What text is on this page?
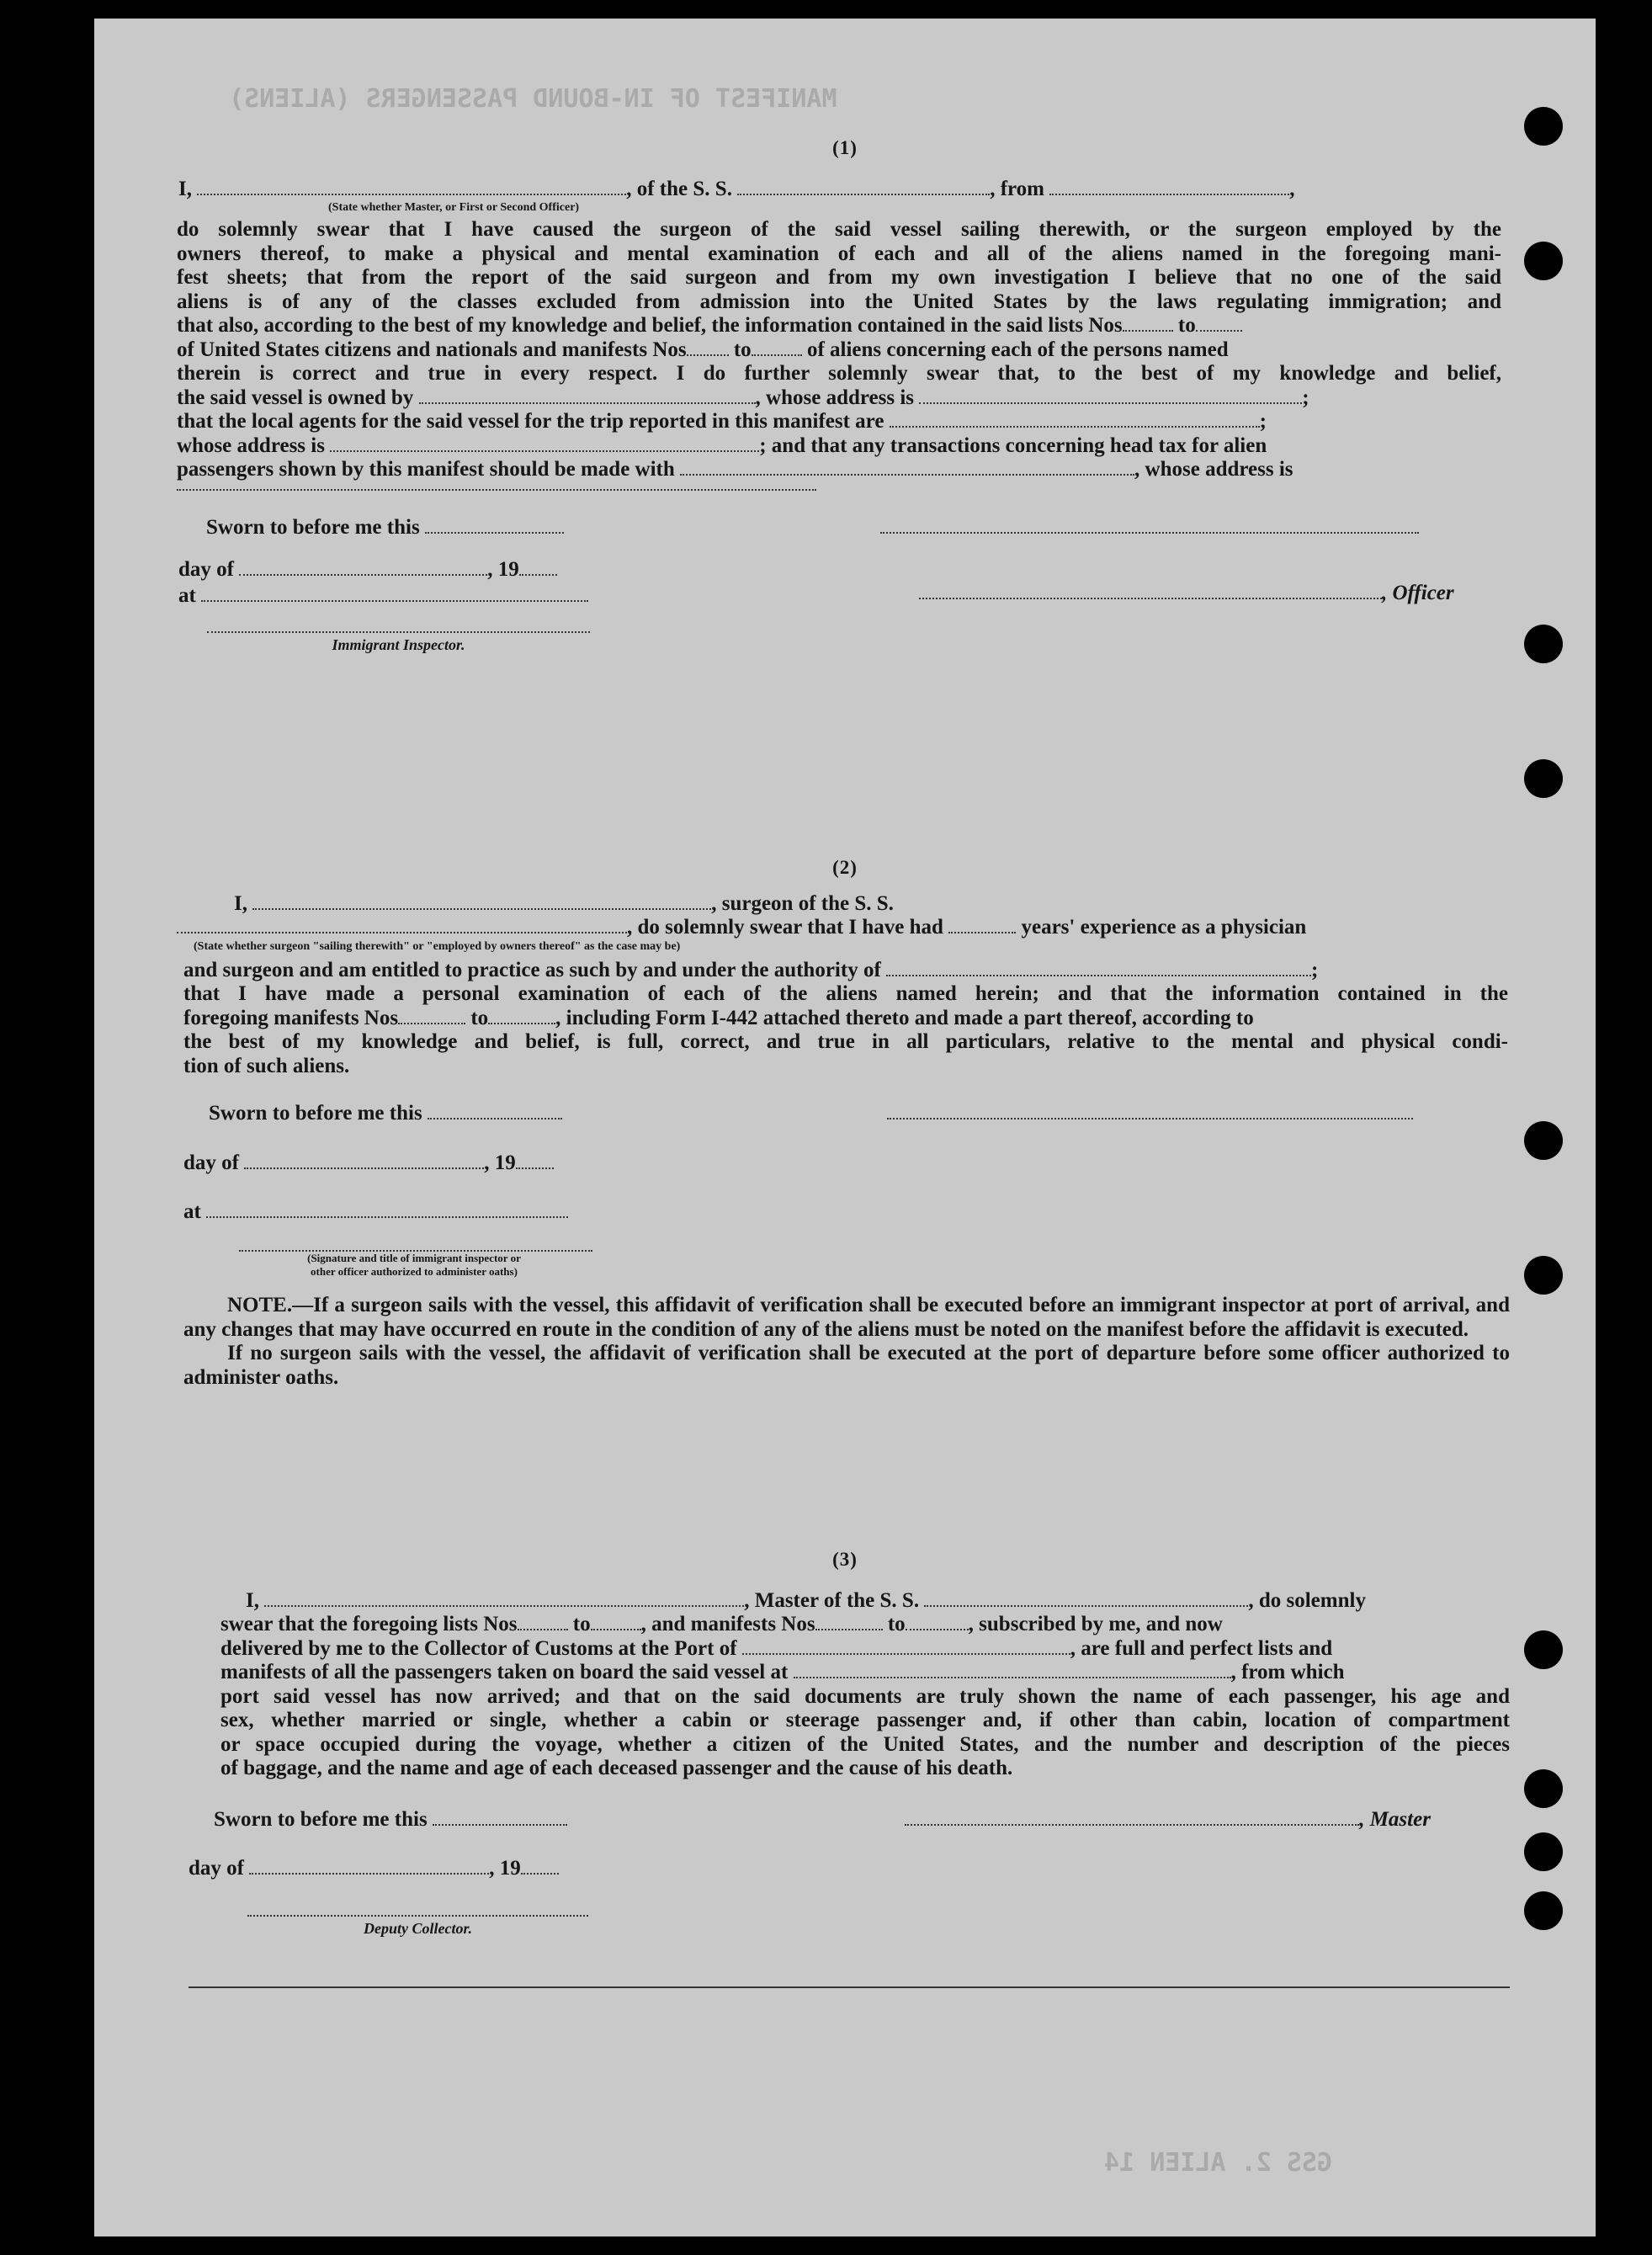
MANIFEST OF IN-BOUND PASSENGERS (ALIENS)
GSS 2. ALIEN 14
(1)
I,	, of the S. S.	, from	,
(State whether Master, or First or Second Officer)
do solemnly swear that I have caused the surgeon of the said vessel sailing therewith, or the surgeon employed by the
owners thereof, to make a physical and mental examination of each and all of the aliens named in the foregoing mani-
fest sheets; that from the report of the said surgeon and from my own investigation I believe that no one of the said
aliens is of any of the classes excluded from admission into the United States by the laws regulating immigration; and
that also, according to the best of my knowledge and belief, the information contained in the said lists Nos	to
of United States citizens and nationals and manifests Nos to	of aliens concerning each of the persons named
therein is correct and true in every respect. I do further solemnly swear that, to the best of my knowledge and belief,
the said vessel is owned by	, whose address is	;
that the local agents for the said vessel for the trip reported in this manifest are	;
whose address is	; and that any transactions concerning head tax for alien
passengers shown by this manifest should be made with	, whose address is
Sworn to before me this
day of	, 19
, Officer
at
Immigrant Inspector.
(2)
I,	, surgeon of the S. S.
, do solemnly swear that I have had	years' experience as a physician
(State whether surgeon "sailing therewith" or "employed by owners thereof" as the case may be)
and surgeon and am entitled to practice as such by and under the authority of	;
that I have made a personal examination of each of the aliens named herein; and that the information contained in the
foregoing manifests Nos	to	, including Form I-442 attached thereto and made a part thereof, according to
the best of my knowledge and belief, is full, correct, and true in all particulars, relative to the mental and physical condi-
tion of such aliens.
Sworn to before me this
day of	, 19
at
(Signature and title of immigrant inspector or other officer authorized to administer oaths)
NOTE.—If a surgeon sails with the vessel, this affidavit of verification shall be executed before an immigrant inspector at port of arrival, and any changes that may have occurred en route in the condition of any of the aliens must be noted on the manifest before the affidavit is executed.
If no surgeon sails with the vessel, the affidavit of verification shall be executed at the port of departure before some officer authorized to administer oaths.
(3)
I,	, Master of the S. S.	, do solemnly
swear that the foregoing lists Nos	to , and manifests Nos	to	, subscribed by me, and now
delivered by me to the Collector of Customs at the Port of	, are full and perfect lists and
manifests of all the passengers taken on board the said vessel at	, from which
port said vessel has now arrived; and that on the said documents are truly shown the name of each passenger, his age and
sex, whether married or single, whether a cabin or steerage passenger and, if other than cabin, location of compartment
or space occupied during the voyage, whether a citizen of the United States, and the number and description of the pieces
of baggage, and the name and age of each deceased passenger and the cause of his death.
Sworn to before me this	, Master
day of	, 19
Deputy Collector.
